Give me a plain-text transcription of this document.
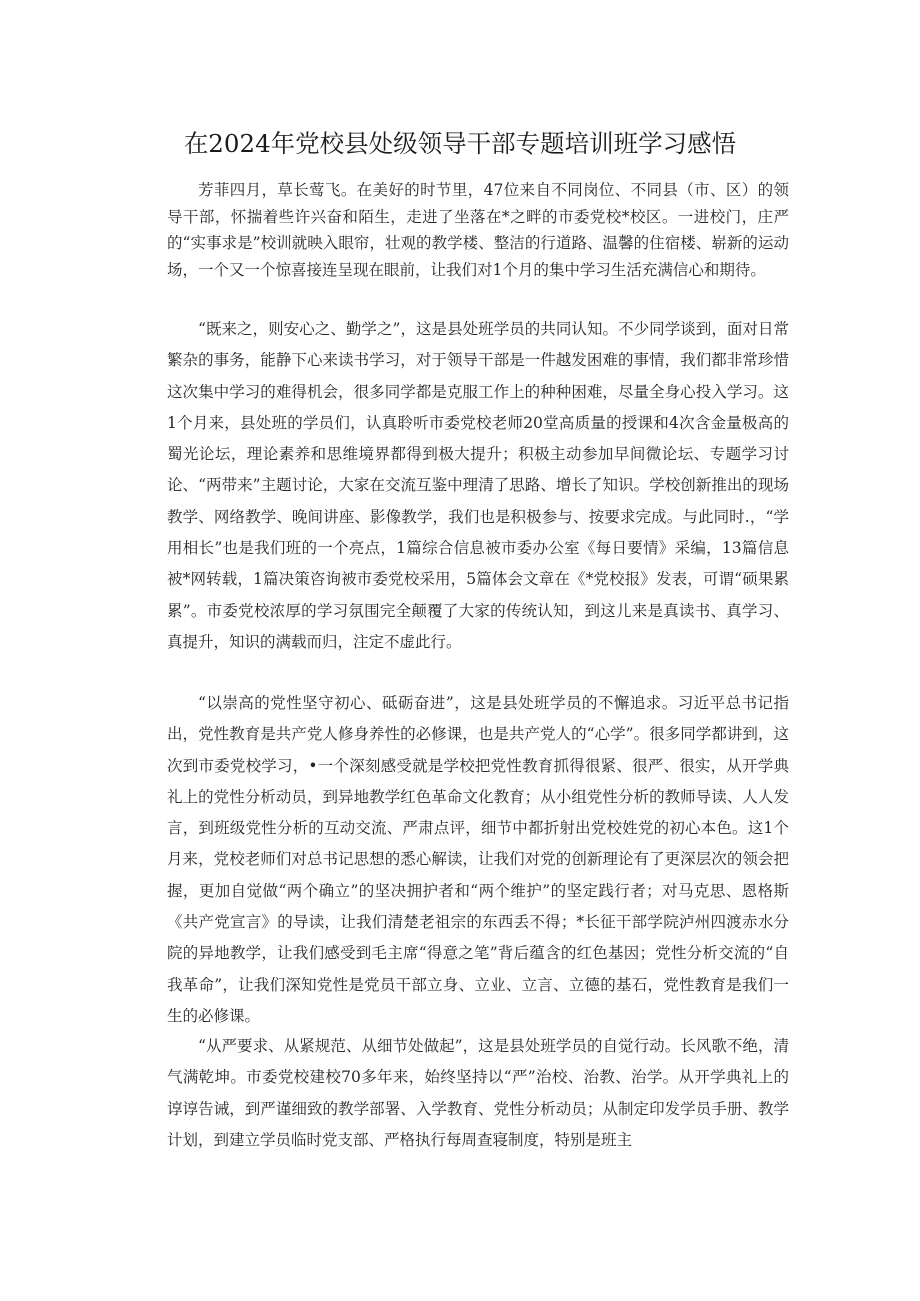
在2024年党校县处级领导干部专题培训班学习感悟

芳菲四月，草长莺飞。在美好的时节里，47位来自不同岗位、不同县（市、区）的领导干部，怀揣着些许兴奋和陌生，走进了坐落在*之畔的市委党校*校区。一进校门，庄严的“实事求是”校训就映入眼帘，壮观的教学楼、整洁的行道路、温馨的住宿楼、崭新的运动场，一个又一个惊喜接连呈现在眼前，让我们对1个月的集中学习生活充满信心和期待。

“既来之，则安心之、勤学之”，这是县处班学员的共同认知。不少同学谈到，面对日常繁杂的事务，能静下心来读书学习，对于领导干部是一件越发困难的事情，我们都非常珍惜这次集中学习的难得机会，很多同学都是克服工作上的种种困难，尽量全身心投入学习。这1个月来，县处班的学员们，认真聆听市委党校老师20堂高质量的授课和4次含金量极高的蜀光论坛，理论素养和思维境界都得到极大提升；积极主动参加早间微论坛、专题学习讨论、“两带来”主题讨论，大家在交流互鉴中理清了思路、增长了知识。学校创新推出的现场教学、网络教学、晚间讲座、影像教学，我们也是积极参与、按要求完成。与此同时.，“学用相长”也是我们班的一个亮点，1篇综合信息被市委办公室《每日要情》采编，13篇信息被*网转载，1篇决策咨询被市委党校采用，5篇体会文章在《*党校报》发表，可谓“硕果累累”。市委党校浓厚的学习氛围完全颠覆了大家的传统认知，到这儿来是真读书、真学习、真提升，知识的满载而归，注定不虚此行。

“以崇高的党性坚守初心、砥砺奋进”，这是县处班学员的不懈追求。习近平总书记指出，党性教育是共产党人修身养性的必修课，也是共产党人的“心学”。很多同学都讲到，这次到市委党校学习，•一个深刻感受就是学校把党性教育抓得很紧、很严、很实，从开学典礼上的党性分析动员，到异地教学红色革命文化教育；从小组党性分析的教师导读、人人发言，到班级党性分析的互动交流、严肃点评，细节中都折射出党校姓党的初心本色。这1个月来，党校老师们对总书记思想的悉心解读，让我们对党的创新理论有了更深层次的领会把握，更加自觉做“两个确立”的坚决拥护者和“两个维护”的坚定践行者；对马克思、恩格斯《共产党宣言》的导读，让我们清楚老祖宗的东西丢不得；*长征干部学院泸州四渡赤水分院的异地教学，让我们感受到毛主席“得意之笔”背后蕴含的红色基因；党性分析交流的“自我革命”，让我们深知党性是党员干部立身、立业、立言、立德的基石，党性教育是我们一生的必修课。

“从严要求、从紧规范、从细节处做起”，这是县处班学员的自觉行动。长风歌不绝，清气满乾坤。市委党校建校70多年来，始终坚持以“严”治校、治教、治学。从开学典礼上的谆谆告诫，到严谨细致的教学部署、入学教育、党性分析动员；从制定印发学员手册、教学计划，到建立学员临时党支部、严格执行每周查寝制度，特别是班主
